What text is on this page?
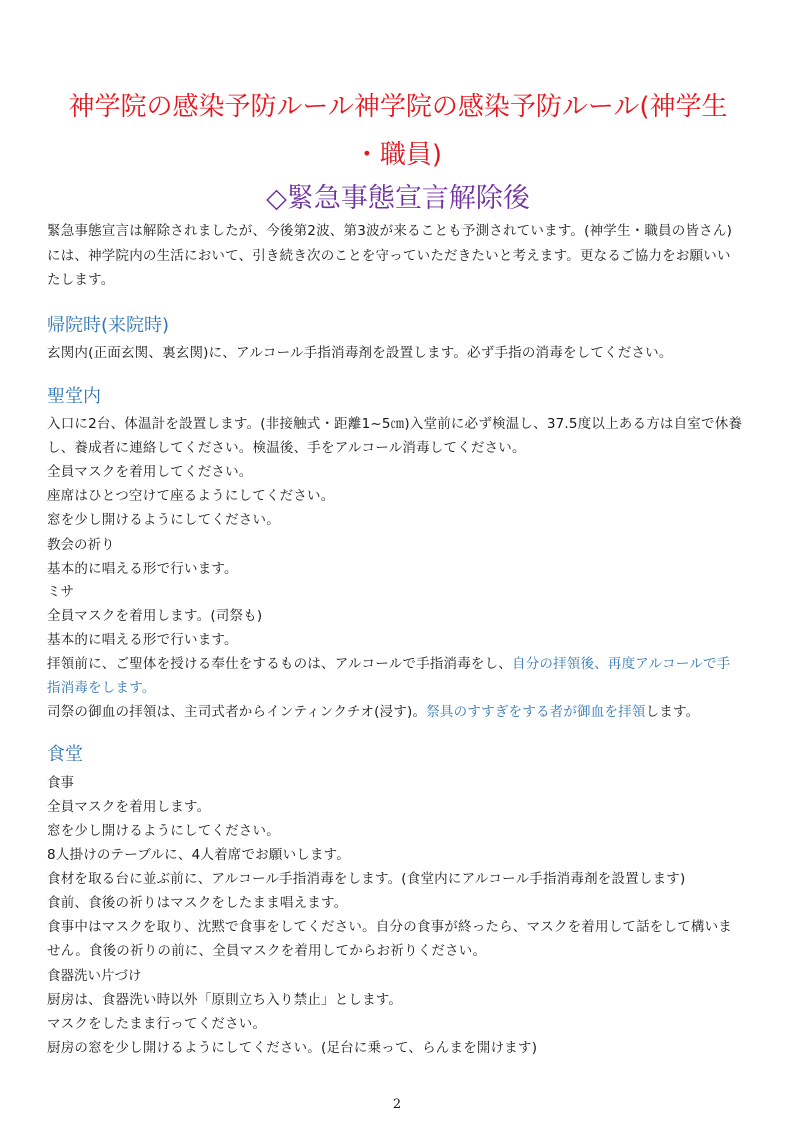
神学院の感染予防ルール神学院の感染予防ルール(神学生
・職員)
◇緊急事態宣言解除後
緊急事態宣言は解除されましたが、今後第2波、第3波が来ることも予測されています。(神学生・職員の皆さん)
には、神学院内の生活において、引き続き次のことを守っていただきたいと考えます。更なるご協力をお願いい
たします。
帰院時(来院時)
玄関内(正面玄関、裏玄関)に、アルコール手指消毒剤を設置します。必ず手指の消毒をしてください。
聖堂内
入口に2台、体温計を設置します。(非接触式・距離1~5㎝)入堂前に必ず検温し、37.5度以上ある方は自室で休養
し、養成者に連絡してください。検温後、手をアルコール消毒してください。
全員マスクを着用してください。
座席はひとつ空けて座るようにしてください。
窓を少し開けるようにしてください。
教会の祈り
基本的に唱える形で行います。
ミサ
全員マスクを着用します。(司祭も)
基本的に唱える形で行います。
拝領前に、ご聖体を授ける奉仕をするものは、アルコールで手指消毒をし、自分の拝領後、再度アルコールで手
指消毒をします。
司祭の御血の拝領は、主司式者からインティンクチオ(浸す)。祭具のすすぎをする者が御血を拝領します。
食堂
食事
全員マスクを着用します。
窓を少し開けるようにしてください。
8人掛けのテーブルに、4人着席でお願いします。
食材を取る台に並ぶ前に、アルコール手指消毒をします。(食堂内にアルコール手指消毒剤を設置します)
食前、食後の祈りはマスクをしたまま唱えます。
食事中はマスクを取り、沈黙で食事をしてください。自分の食事が終ったら、マスクを着用して話をして構いま
せん。食後の祈りの前に、全員マスクを着用してからお祈りください。
食器洗い片づけ
厨房は、食器洗い時以外「原則立ち入り禁止」とします。
マスクをしたまま行ってください。
厨房の窓を少し開けるようにしてください。(足台に乗って、らんまを開けます)
2
